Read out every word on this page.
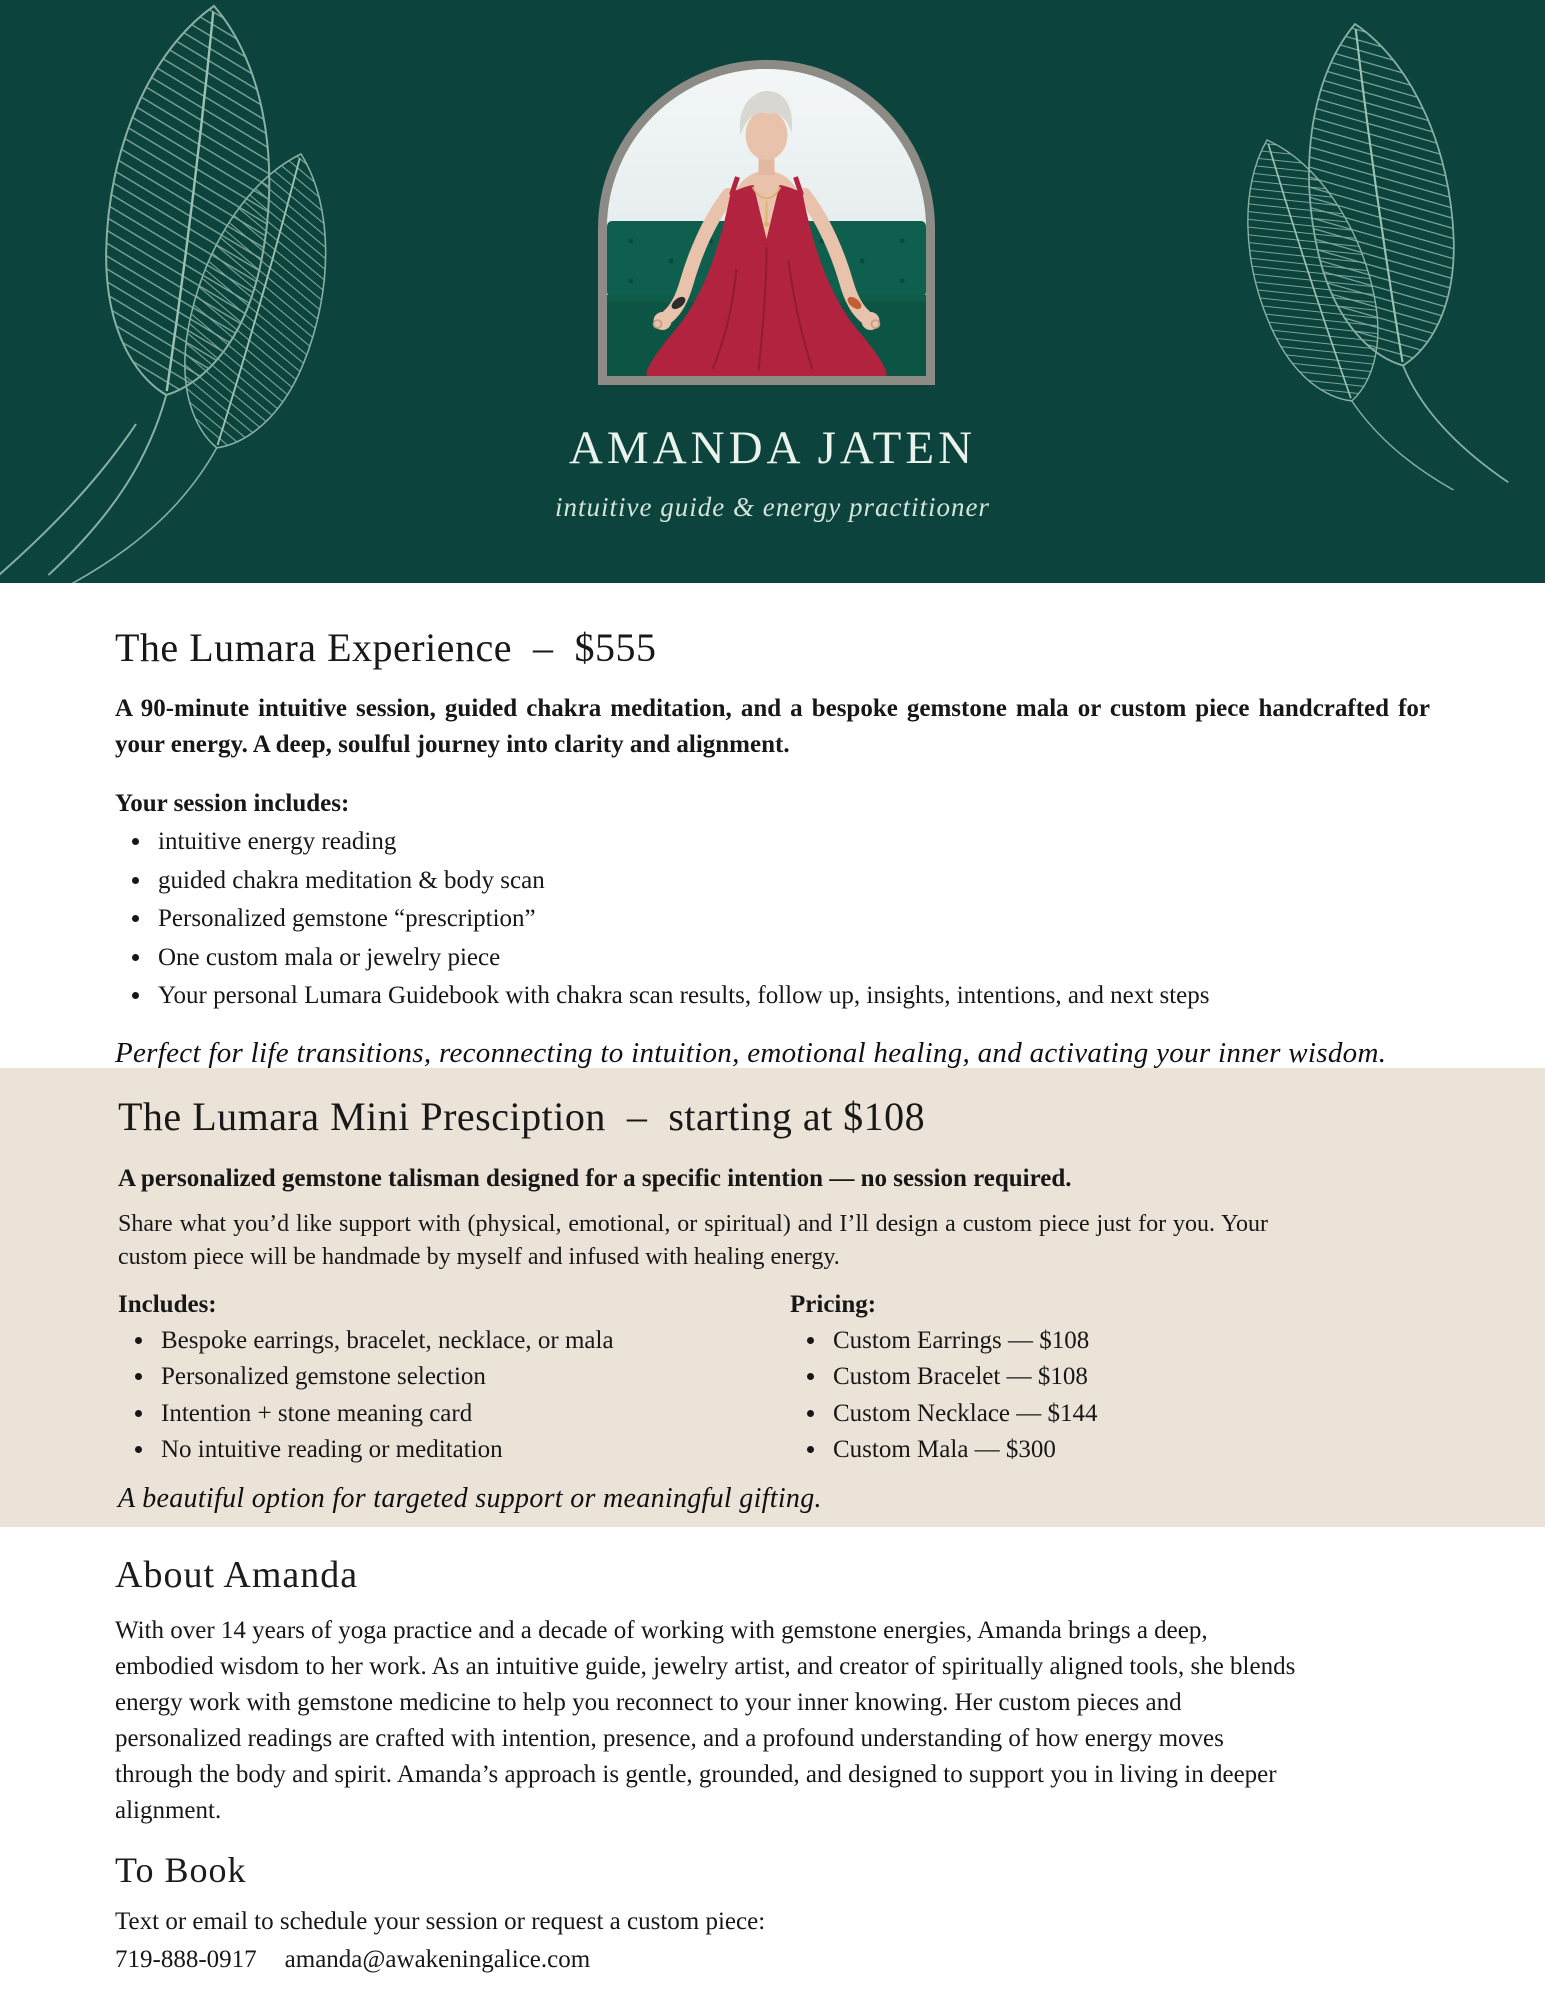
AMANDA JATEN
intuitive guide & energy practitioner
The Lumara Experience  –  $555

A 90-minute intuitive session, guided chakra meditation, and a bespoke gemstone mala or custom piece handcrafted for your energy. A deep, soulful journey into clarity and alignment.

Your session includes:

• intuitive energy reading
• guided chakra meditation & body scan
• Personalized gemstone “prescription”
• One custom mala or jewelry piece
• Your personal Lumara Guidebook with chakra scan results, follow up, insights, intentions, and next steps

Perfect for life transitions, reconnecting to intuition, emotional healing, and activating your inner wisdom.

The Lumara Mini Presciption  –  starting at $108

A personalized gemstone talisman designed for a specific intention — no session required.

Share what you’d like support with (physical, emotional, or spiritual) and I’ll design a custom piece just for you. Your custom piece will be handmade by myself and infused with healing energy.

Includes:

• Bespoke earrings, bracelet, necklace, or mala
• Personalized gemstone selection
• Intention + stone meaning card
• No intuitive reading or meditation

Pricing:

• Custom Earrings — $108
• Custom Bracelet — $108
• Custom Necklace — $144
• Custom Mala — $300

A beautiful option for targeted support or meaningful gifting.

About Amanda

With over 14 years of yoga practice and a decade of working with gemstone energies, Amanda brings a deep, embodied wisdom to her work. As an intuitive guide, jewelry artist, and creator of spiritually aligned tools, she blends energy work with gemstone medicine to help you reconnect to your inner knowing. Her custom pieces and personalized readings are crafted with intention, presence, and a profound understanding of how energy moves through the body and spirit. Amanda’s approach is gentle, grounded, and designed to support you in living in deeper alignment.

To Book

Text or email to schedule your session or request a custom piece:

719-888-0917 amanda@awakeningalice.com
